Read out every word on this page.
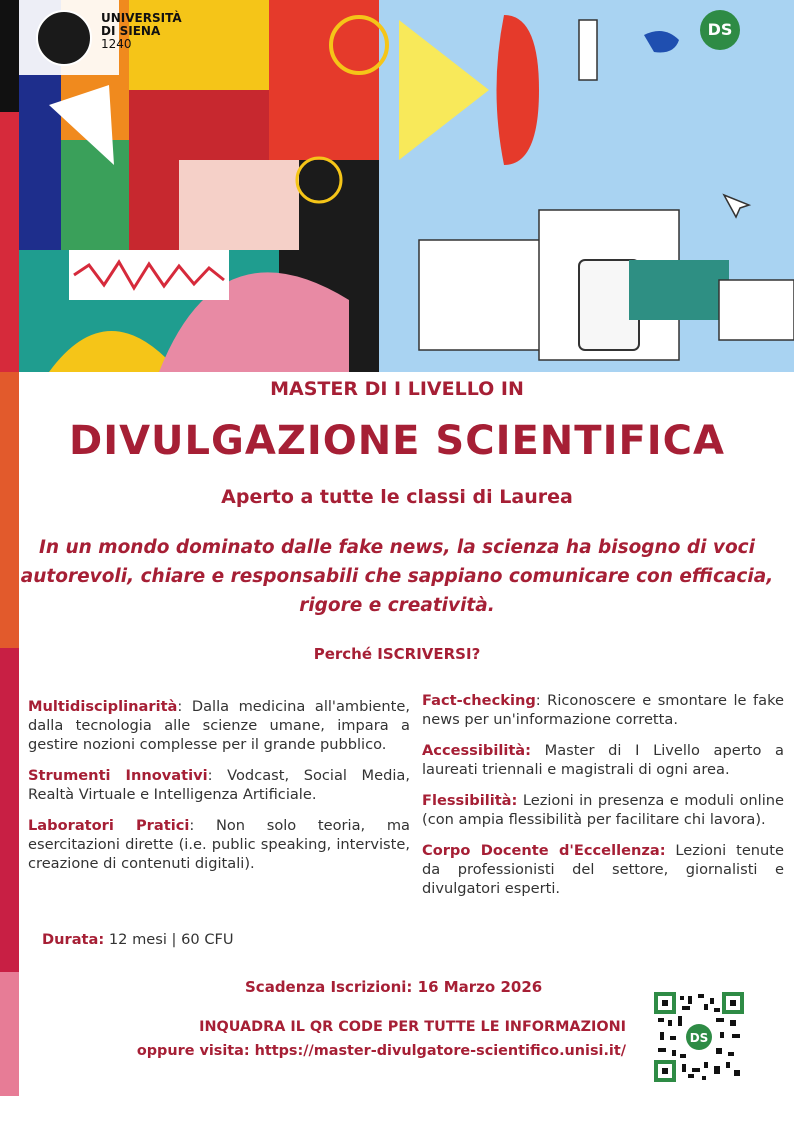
UNIVERSITÀ
DI SIENA
1240
DS
MASTER DI I LIVELLO IN
DIVULGAZIONE SCIENTIFICA
Aperto a tutte le classi di Laurea
In un mondo dominato dalle fake news, la scienza ha bisogno di voci autorevoli, chiare e responsabili che sappiano comunicare con efficacia, rigore e creatività.
Perché ISCRIVERSI?

Multidisciplinarità: Dalla medicina all'ambiente, dalla tecnologia alle scienze umane, impara a gestire nozioni complesse per il grande pubblico.

Strumenti Innovativi: Vodcast, Social Media, Realtà Virtuale e Intelligenza Artificiale.

Laboratori Pratici: Non solo teoria, ma esercitazioni dirette (i.e. public speaking, interviste, creazione di contenuti digitali).

Fact-checking: Riconoscere e smontare le fake news per un'informazione corretta.

Accessibilità: Master di I Livello aperto a laureati triennali e magistrali di ogni area.

Flessibilità: Lezioni in presenza e moduli online (con ampia flessibilità per facilitare chi lavora).

Corpo Docente d'Eccellenza: Lezioni tenute da professionisti del settore, giornalisti e divulgatori esperti.

Durata: 12 mesi | 60 CFU
Scadenza Iscrizioni: 16 Marzo 2026
INQUADRA IL QR CODE PER TUTTE LE INFORMAZIONI
oppure visita: https://master-divulgatore-scientifico.unisi.it/
DS
